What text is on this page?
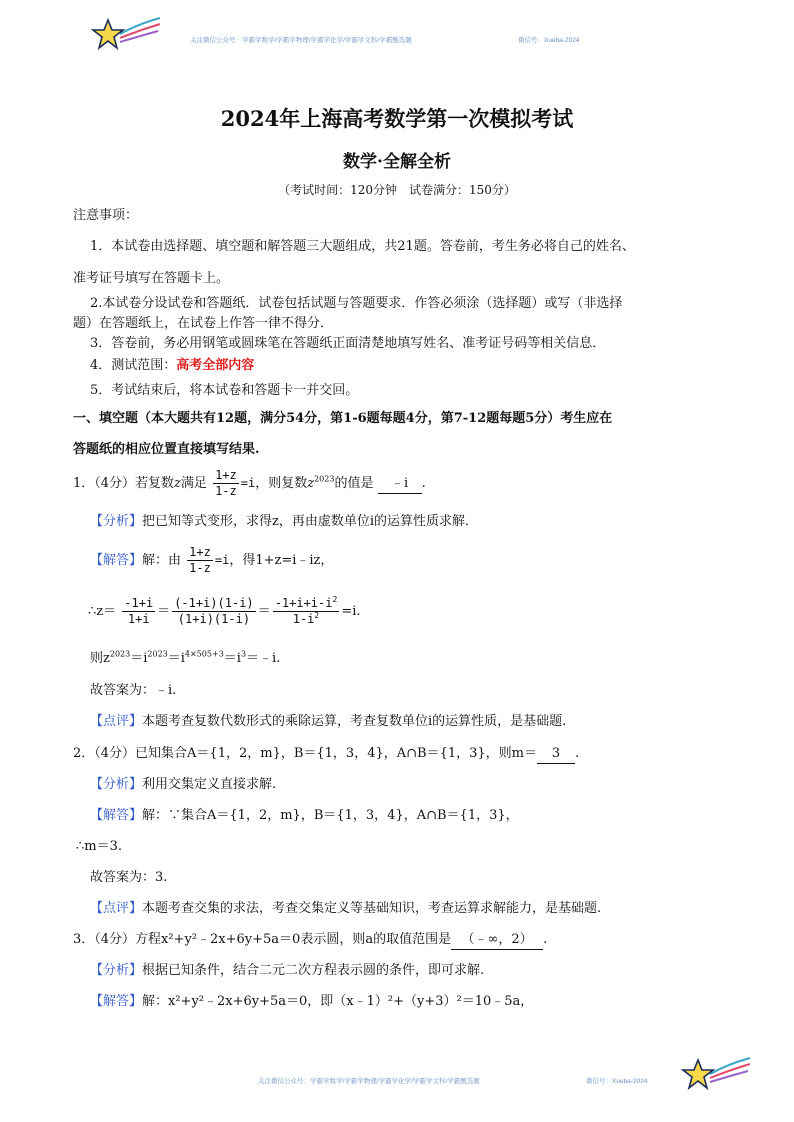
关注微信公众号：学霸学数学/学霸学物理/学霸学化学/学霸学文科/学霸甄选题	微信号：Xueba-2024
2024年上海高考数学第一次模拟考试
数学·全解全析
（考试时间：120分钟　试卷满分：150分）
注意事项：
1．本试卷由选择题、填空题和解答题三大题组成，共21题。答卷前，考生务必将自己的姓名、
准考证号填写在答题卡上。
2.本试卷分设试卷和答题纸．试卷包括试题与答题要求．作答必须涂（选择题）或写（非选择
题）在答题纸上，在试卷上作答一律不得分．
3．答卷前，务必用钢笔或圆珠笔在答题纸正面清楚地填写姓名、准考证号码等相关信息．
4．测试范围：高考全部内容
5．考试结束后，将本试卷和答题卡一并交回。
一、填空题（本大题共有12题，满分54分，第1-6题每题4分，第7-12题每题5分）考生应在
答题纸的相应位置直接填写结果.
1．（4分）若复数z满足 $\frac{1+z}{1-z} =i$，则复数$z^{2023}$的值是 ﹣i .
【分析】把已知等式变形，求得z，再由虚数单位i的运算性质求解．
【解答】解：由 $\frac{1+z}{1-z} =i$，得1+z=i﹣iz，
∴z＝ $\frac{-1+i}{1+i} = \frac{(-1+i)(1-i)}{(1+i)(1-i)} = \frac{-1+i+i-i^2}{1-i^2} =i$.
则$z^{2023}=i^{2023}=i^{4\times 505+3}=i^3=﹣i$.
故答案为：﹣i.
【点评】本题考查复数代数形式的乘除运算，考查复数单位i的运算性质，是基础题.
2．（4分）已知集合A＝{1，2，m}，B＝{1，3，4}，A∩B＝{1，3}，则m＝ 3 .
【分析】利用交集定义直接求解.
【解答】解：∵集合A＝{1，2，m}，B＝{1，3，4}，A∩B＝{1，3}，
∴m＝3.
故答案为：3.
【点评】本题考查交集的求法，考查交集定义等基础知识，考查运算求解能力，是基础题.
3．（4分）方程x²+y²﹣2x+6y+5a＝0表示圆，则a的取值范围是 （﹣∞，2） .
【分析】根据已知条件，结合二元二次方程表示圆的条件，即可求解.
【解答】解：x²+y²﹣2x+6y+5a＝0，即（x﹣1）²+（y+3）²＝10﹣5a，
关注微信公众号：学霸学数学/学霸学物理/学霸学化学/学霸学文科/学霸甄选题	微信号：Xueba-2024
